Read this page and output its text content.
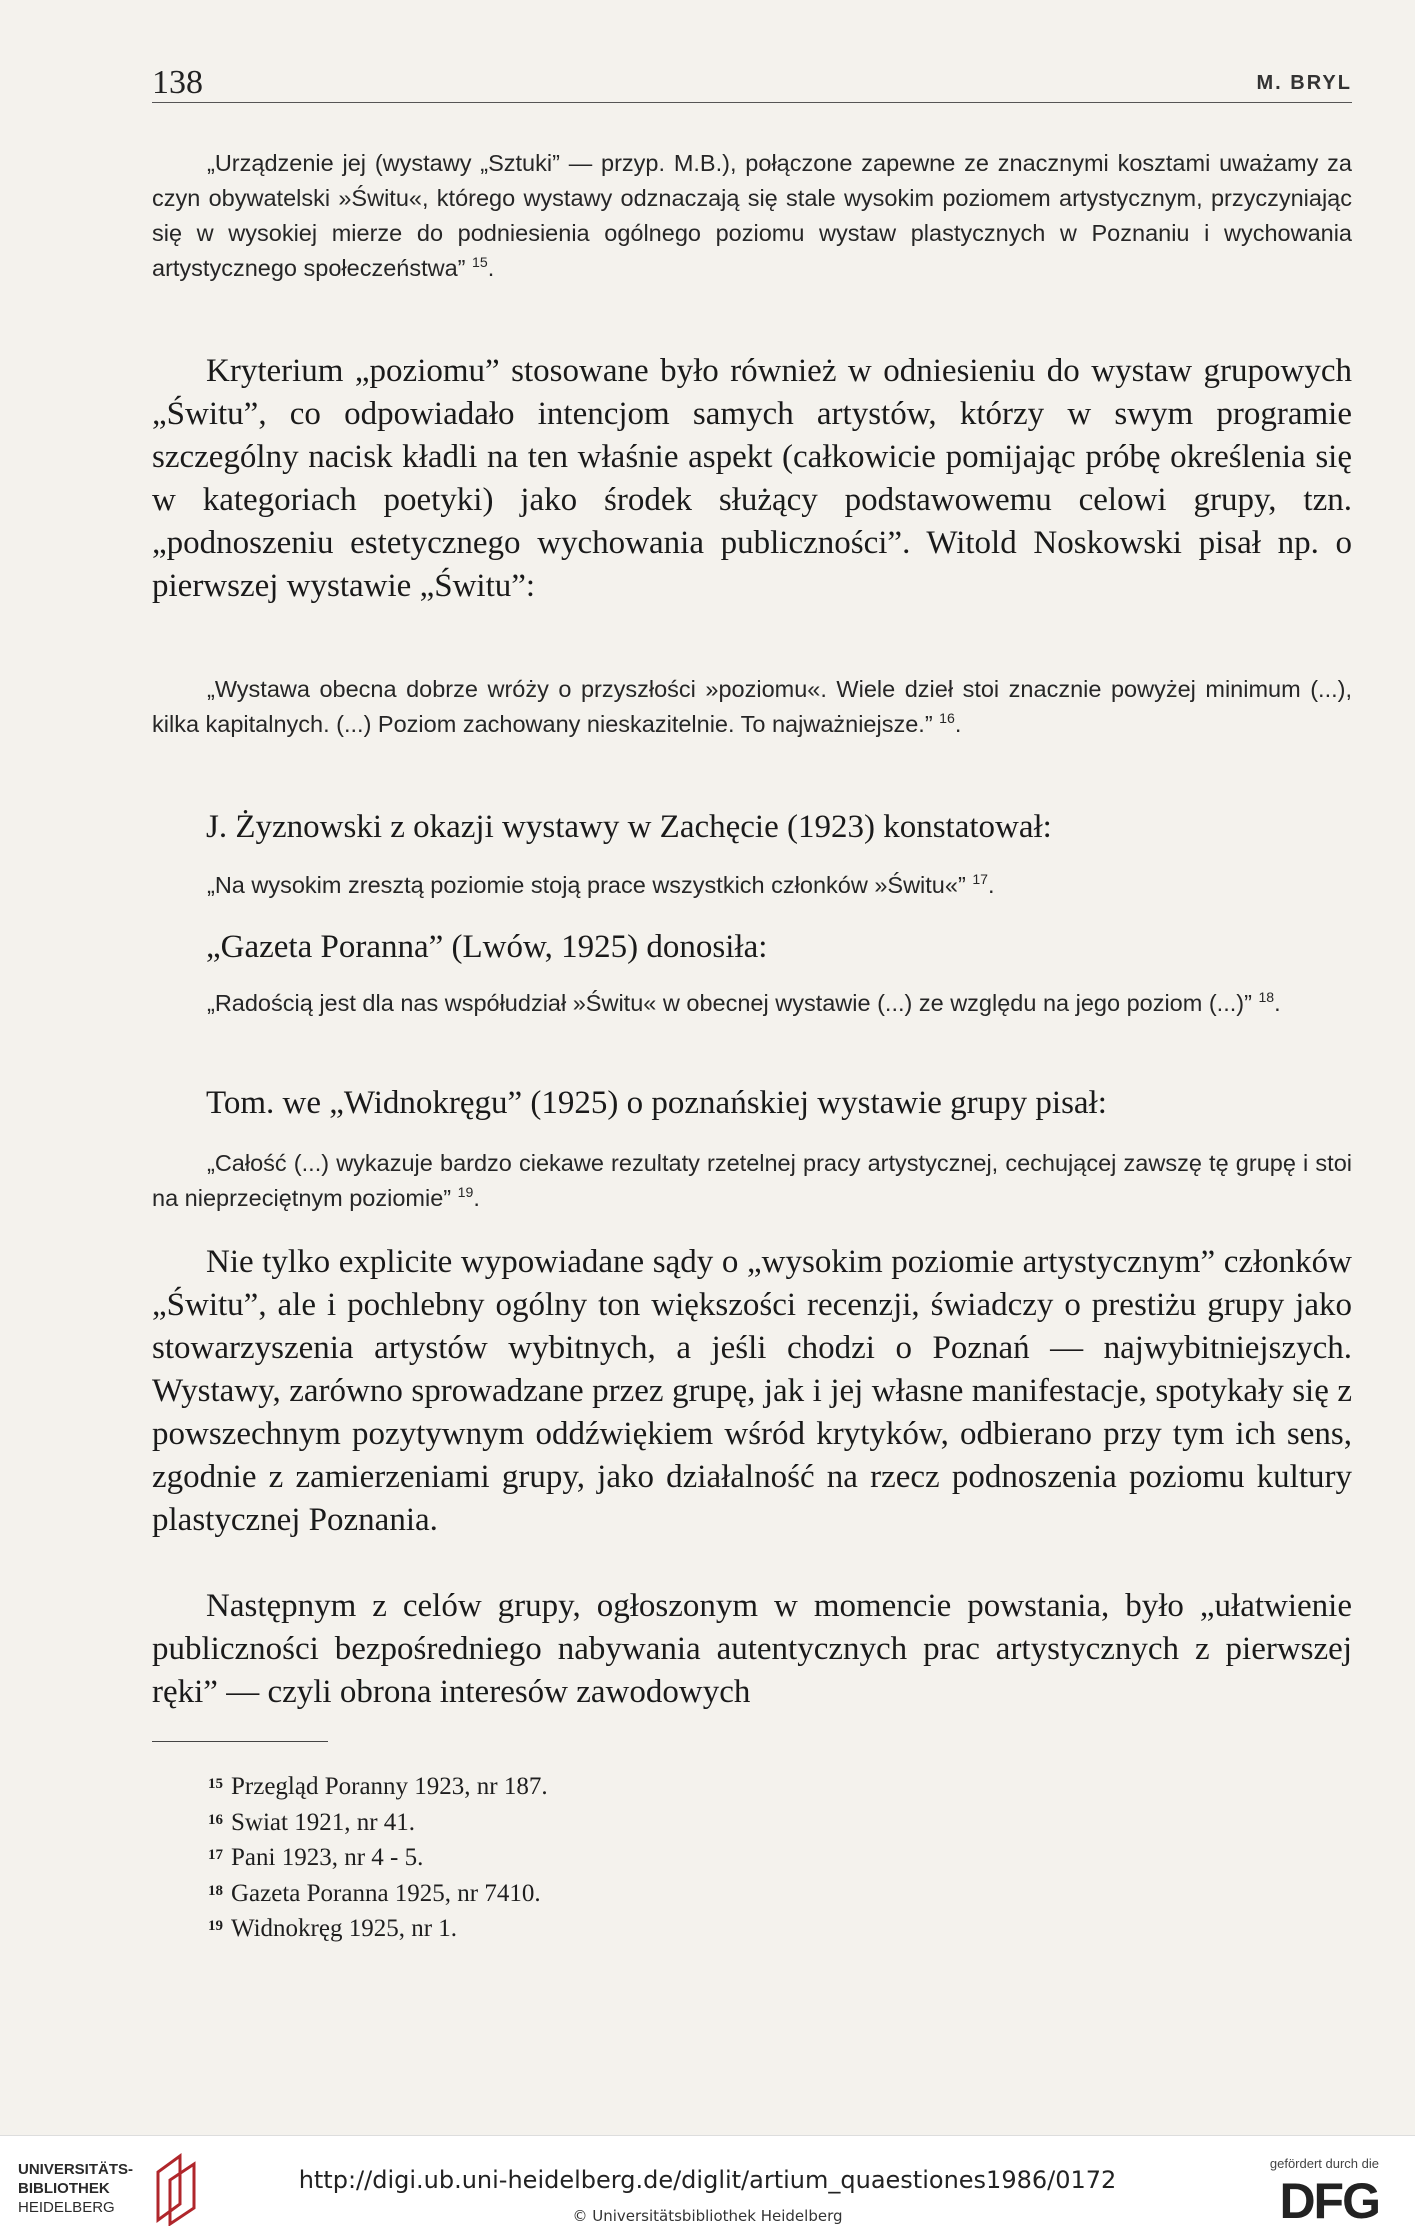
138	M. BRYL

„Urządzenie jej (wystawy „Sztuki” — przyp. M.B.), połączone zapewne ze znacznymi kosztami uważamy za czyn obywatelski »Świtu«, którego wystawy odznaczają się stale wysokim poziomem artystycznym, przyczyniając się w wysokiej mierze do podniesienia ogólnego poziomu wystaw plastycznych w Poznaniu i wychowania artystycznego społeczeństwa” $^{15}$.

Kryterium „poziomu” stosowane było również w odniesieniu do wystaw grupowych „Świtu”, co odpowiadało intencjom samych artystów, którzy w swym programie szczególny nacisk kładli na ten właśnie aspekt (całkowicie pomijając próbę określenia się w kategoriach poetyki) jako środek służący podstawowemu celowi grupy, tzn. „podnoszeniu estetycznego wychowania publiczności”. Witold Noskowski pisał np. o pierwszej wystawie „Świtu”:

„Wystawa obecna dobrze wróży o przyszłości »poziomu«. Wiele dzieł stoi znacznie powyżej minimum (...), kilka kapitalnych. (...) Poziom zachowany nieskazitelnie. To najważniejsze.” $^{16}$.

J. Żyznowski z okazji wystawy w Zachęcie (1923) konstatował:

„Na wysokim zresztą poziomie stoją prace wszystkich członków »Świtu«” $^{17}$.

„Gazeta Poranna” (Lwów, 1925) donosiła:

„Radością jest dla nas współudział »Świtu« w obecnej wystawie (...) ze względu na jego poziom (...)” $^{18}$.

Tom. we „Widnokręgu” (1925) o poznańskiej wystawie grupy pisał:

„Całość (...) wykazuje bardzo ciekawe rezultaty rzetelnej pracy artystycznej, cechującej zawszę tę grupę i stoi na nieprzeciętnym poziomie” $^{19}$.

Nie tylko explicite wypowiadane sądy o „wysokim poziomie artystycznym” członków „Świtu”, ale i pochlebny ogólny ton większości recenzji, świadczy o prestiżu grupy jako stowarzyszenia artystów wybitnych, a jeśli chodzi o Poznań — najwybitniejszych. Wystawy, zarówno sprowadzane przez grupę, jak i jej własne manifestacje, spotykały się z powszechnym pozytywnym oddźwiękiem wśród krytyków, odbierano przy tym ich sens, zgodnie z zamierzeniami grupy, jako działalność na rzecz podnoszenia poziomu kultury plastycznej Poznania.

Następnym z celów grupy, ogłoszonym w momencie powstania, było „ułatwienie publiczności bezpośredniego nabywania autentycznych prac artystycznych z pierwszej ręki” — czyli obrona interesów zawodowych

$^{15}$ Przegląd Poranny 1923, nr 187.
$^{16}$ Swiat 1921, nr 41.
$^{17}$ Pani 1923, nr 4 - 5.
$^{18}$ Gazeta Poranna 1925, nr 7410.
$^{19}$ Widnokręg 1925, nr 1.
UNIVERSITÄTS-
BIBLIOTHEK
HEIDELBERG
http://digi.ub.uni-heidelberg.de/diglit/artium_quaestiones1986/0172
© Universitätsbibliothek Heidelberg
gefördert durch die
DFG
